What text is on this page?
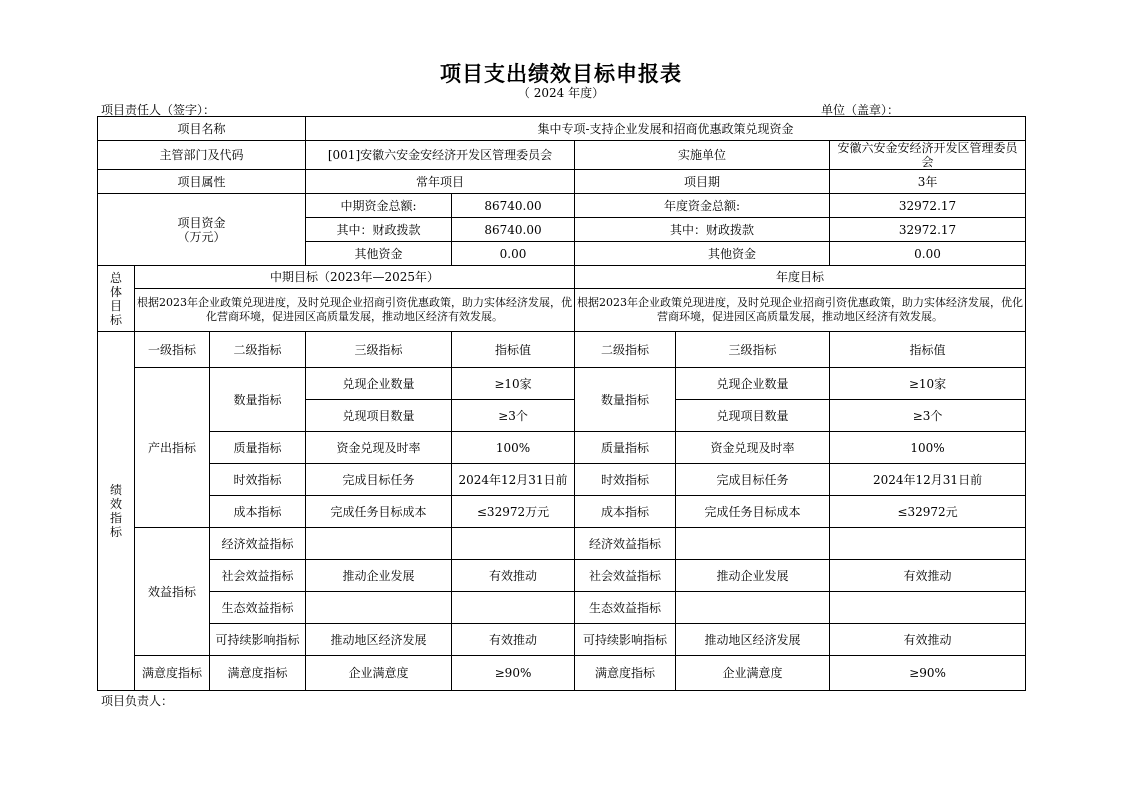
项目支出绩效目标申报表
（ 2024 年度）
项目责任人（签字）：	单位（盖章）：
项目名称			集中专项-支持企业发展和招商优惠政策兑现资金				
主管部门及代码			[001]安徽六安金安经济开发区管理委员会		实施单位		安徽六安金安经济开发区管理委员会
项目属性			常年项目		项目期		3年

项目资金
（万元）			中期资金总额:	86740.00	年度资金总额:		32972.17
			其中：财政拨款	86740.00	其中：财政拨款		32972.17
			其他资金	0.00	其他资金		0.00

总
体
目
标	中期目标（2023年—2025年）				年度目标		
	根据2023年企业政策兑现进度，及时兑现企业招商引资优惠政策，助力实体经济发展，优化营商环境，促进园区高质量发展，推动地区经济有效发展。				根据2023年企业政策兑现进度，及时兑现企业招商引资优惠政策，助力实体经济发展，优化营商环境，促进园区高质量发展，推动地区经济有效发展。		

绩
效
指
标	一级指标	二级指标	三级指标	指标值	二级指标	三级指标	指标值
	产出指标	数量指标	兑现企业数量	≥10家	数量指标	兑现企业数量	≥10家
			兑现项目数量	≥3个		兑现项目数量	≥3个
		质量指标	资金兑现及时率	100%	质量指标	资金兑现及时率	100%
		时效指标	完成目标任务	2024年12月31日前	时效指标	完成目标任务	2024年12月31日前
		成本指标	完成任务目标成本	≤32972万元	成本指标	完成任务目标成本	≤32972元
	效益指标	经济效益指标			经济效益指标		
		社会效益指标	推动企业发展	有效推动	社会效益指标	推动企业发展	有效推动
		生态效益指标			生态效益指标		
		可持续影响指标	推动地区经济发展	有效推动	可持续影响指标	推动地区经济发展	有效推动
	满意度指标	满意度指标	企业满意度	≥90%	满意度指标	企业满意度	≥90%
项目负责人：
